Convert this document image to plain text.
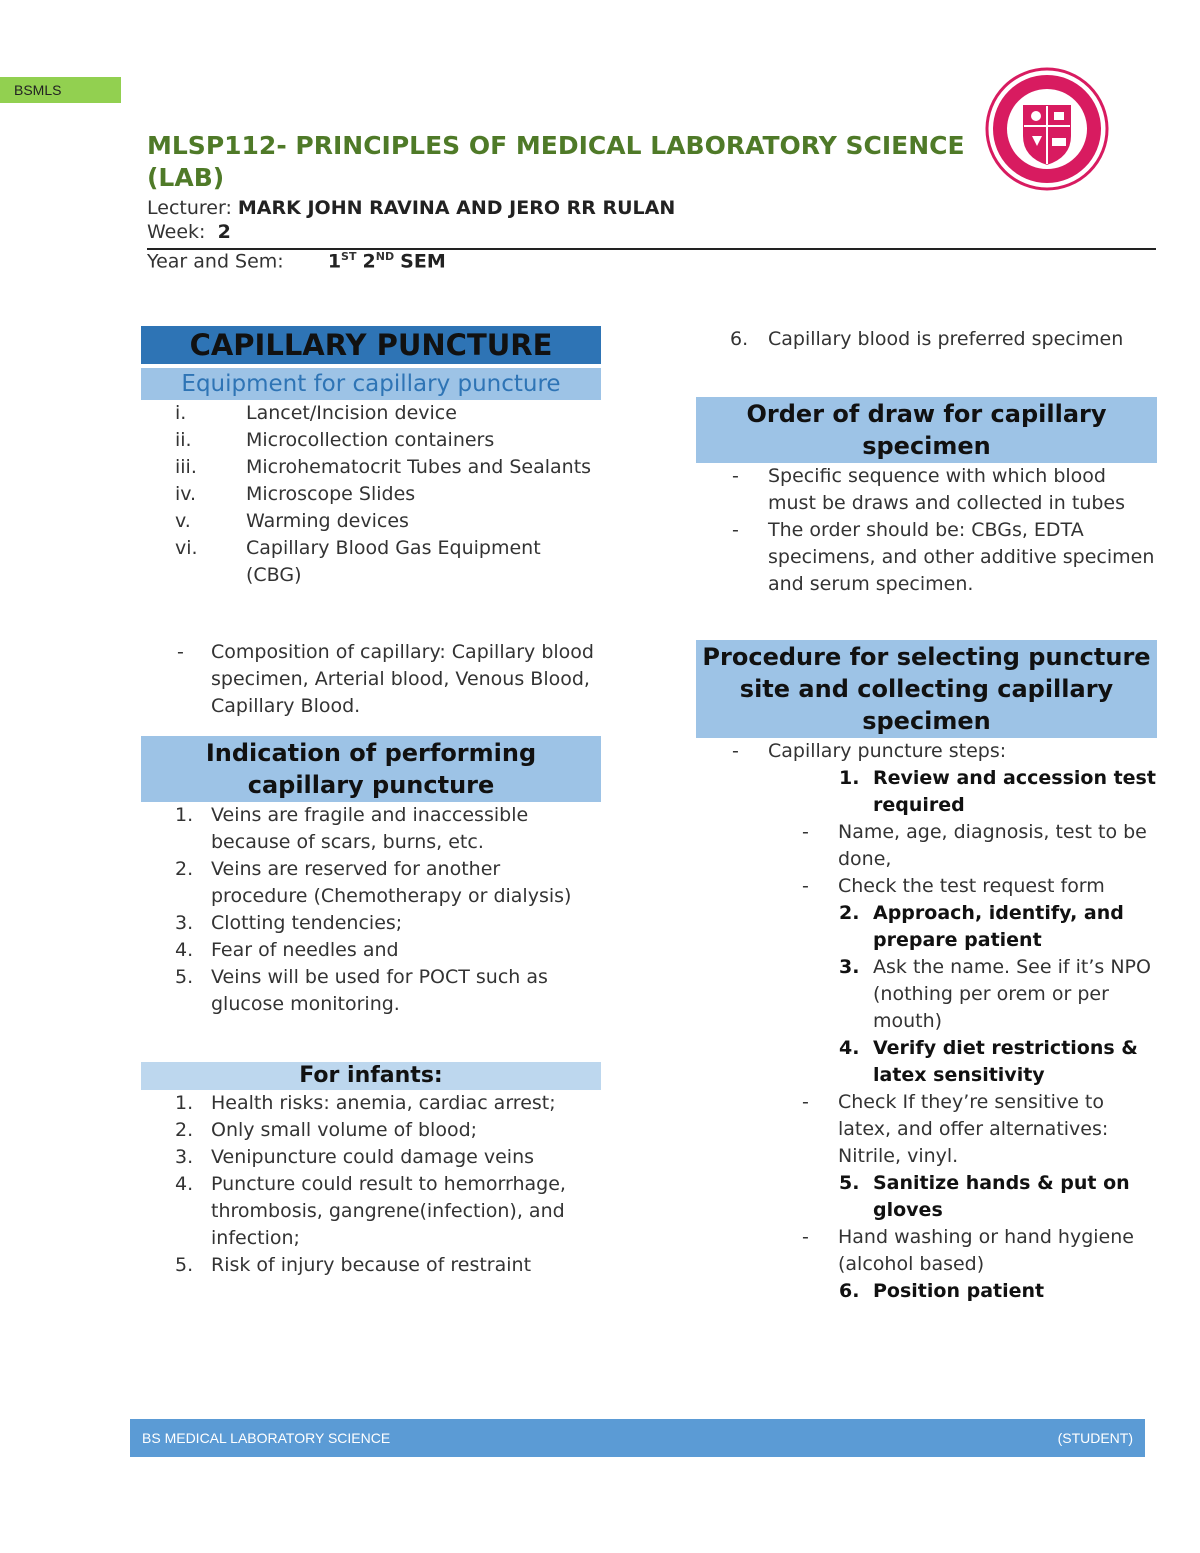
BSMLS
MLSP112- PRINCIPLES OF MEDICAL LABORATORY SCIENCE (LAB)
Lecturer: MARK JOHN RAVINA AND JERO RR RULAN
Week: 2
Year and Sem: 1ST 2ND SEM
CAPILLARY PUNCTURE
Equipment for capillary puncture
i.	Lancet/Incision device
ii.	Microcollection containers
iii.	Microhematocrit Tubes and Sealants
iv.	Microscope Slides
v.	Warming devices
vi.	Capillary Blood Gas Equipment (CBG)
- Composition of capillary: Capillary blood specimen, Arterial blood, Venous Blood, Capillary Blood.
Indication of performing capillary puncture
1. Veins are fragile and inaccessible because of scars, burns, etc.
2. Veins are reserved for another procedure (Chemotherapy or dialysis)
3. Clotting tendencies;
4. Fear of needles and
5. Veins will be used for POCT such as glucose monitoring.
For infants:
1. Health risks: anemia, cardiac arrest;
2. Only small volume of blood;
3. Venipuncture could damage veins
4. Puncture could result to hemorrhage, thrombosis, gangrene(infection), and infection;
5. Risk of injury because of restraint
6. Capillary blood is preferred specimen
Order of draw for capillary specimen
- Specific sequence with which blood must be draws and collected in tubes
- The order should be: CBGs, EDTA specimens, and other additive specimen and serum specimen.
Procedure for selecting puncture site and collecting capillary specimen
- Capillary puncture steps:
1. Review and accession test required
- Name, age, diagnosis, test to be done,
- Check the test request form
2. Approach, identify, and prepare patient
3. Ask the name. See if it’s NPO (nothing per orem or per mouth)
4. Verify diet restrictions & latex sensitivity
- Check If they’re sensitive to latex, and offer alternatives: Nitrile, vinyl.
5. Sanitize hands & put on gloves
- Hand washing or hand hygiene (alcohol based)
6. Position patient
BS MEDICAL LABORATORY SCIENCE	(STUDENT)
